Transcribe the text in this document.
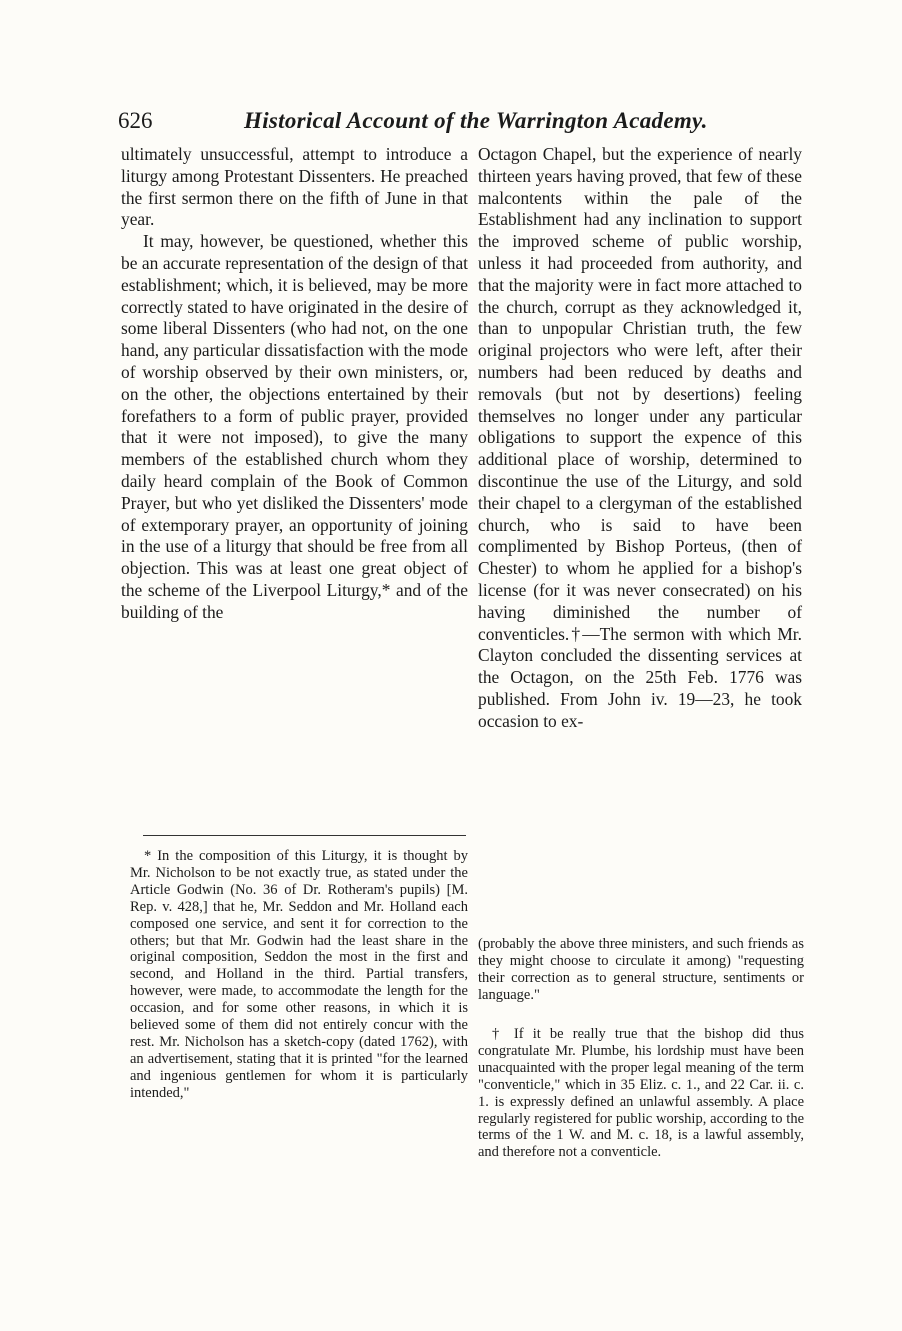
626	Historical Account of the Warrington Academy.

ultimately unsuccessful, attempt to introduce a liturgy among Protestant Dissenters. He preached the first sermon there on the fifth of June in that year.

It may, however, be questioned, whether this be an accurate representation of the design of that establishment; which, it is believed, may be more correctly stated to have originated in the desire of some liberal Dissenters (who had not, on the one hand, any particular dissatisfaction with the mode of worship observed by their own ministers, or, on the other, the objections entertained by their forefathers to a form of public prayer, provided that it were not imposed), to give the many members of the established church whom they daily heard complain of the Book of Common Prayer, but who yet disliked the Dissenters' mode of extemporary prayer, an opportunity of joining in the use of a liturgy that should be free from all objection. This was at least one great object of the scheme of the Liverpool Liturgy,* and of the building of the

Octagon Chapel, but the experience of nearly thirteen years having proved, that few of these malcontents within the pale of the Establishment had any inclination to support the improved scheme of public worship, unless it had proceeded from authority, and that the majority were in fact more attached to the church, corrupt as they acknowledged it, than to unpopular Christian truth, the few original projectors who were left, after their numbers had been reduced by deaths and removals (but not by desertions) feeling themselves no longer under any particular obligations to support the expence of this additional place of worship, determined to discontinue the use of the Liturgy, and sold their chapel to a clergyman of the established church, who is said to have been complimented by Bishop Porteus, (then of Chester) to whom he applied for a bishop's license (for it was never consecrated) on his having diminished the number of conventicles.†—The sermon with which Mr. Clayton concluded the dissenting services at the Octagon, on the 25th Feb. 1776 was published. From John iv. 19—23, he took occasion to ex-

* In the composition of this Liturgy, it is thought by Mr. Nicholson to be not exactly true, as stated under the Article Godwin (No. 36 of Dr. Rotheram's pupils) [M. Rep. v. 428,] that he, Mr. Seddon and Mr. Holland each composed one service, and sent it for correction to the others; but that Mr. Godwin had the least share in the original composition, Seddon the most in the first and second, and Holland in the third. Partial transfers, however, were made, to accommodate the length for the occasion, and for some other reasons, in which it is believed some of them did not entirely concur with the rest. Mr. Nicholson has a sketch-copy (dated 1762), with an advertisement, stating that it is printed "for the learned and ingenious gentlemen for whom it is particularly intended,"

(probably the above three ministers, and such friends as they might choose to circulate it among) "requesting their correction as to general structure, sentiments or language."

† If it be really true that the bishop did thus congratulate Mr. Plumbe, his lordship must have been unacquainted with the proper legal meaning of the term "conventicle," which in 35 Eliz. c. 1., and 22 Car. ii. c. 1. is expressly defined an unlawful assembly. A place regularly registered for public worship, according to the terms of the 1 W. and M. c. 18, is a lawful assembly, and therefore not a conventicle.
